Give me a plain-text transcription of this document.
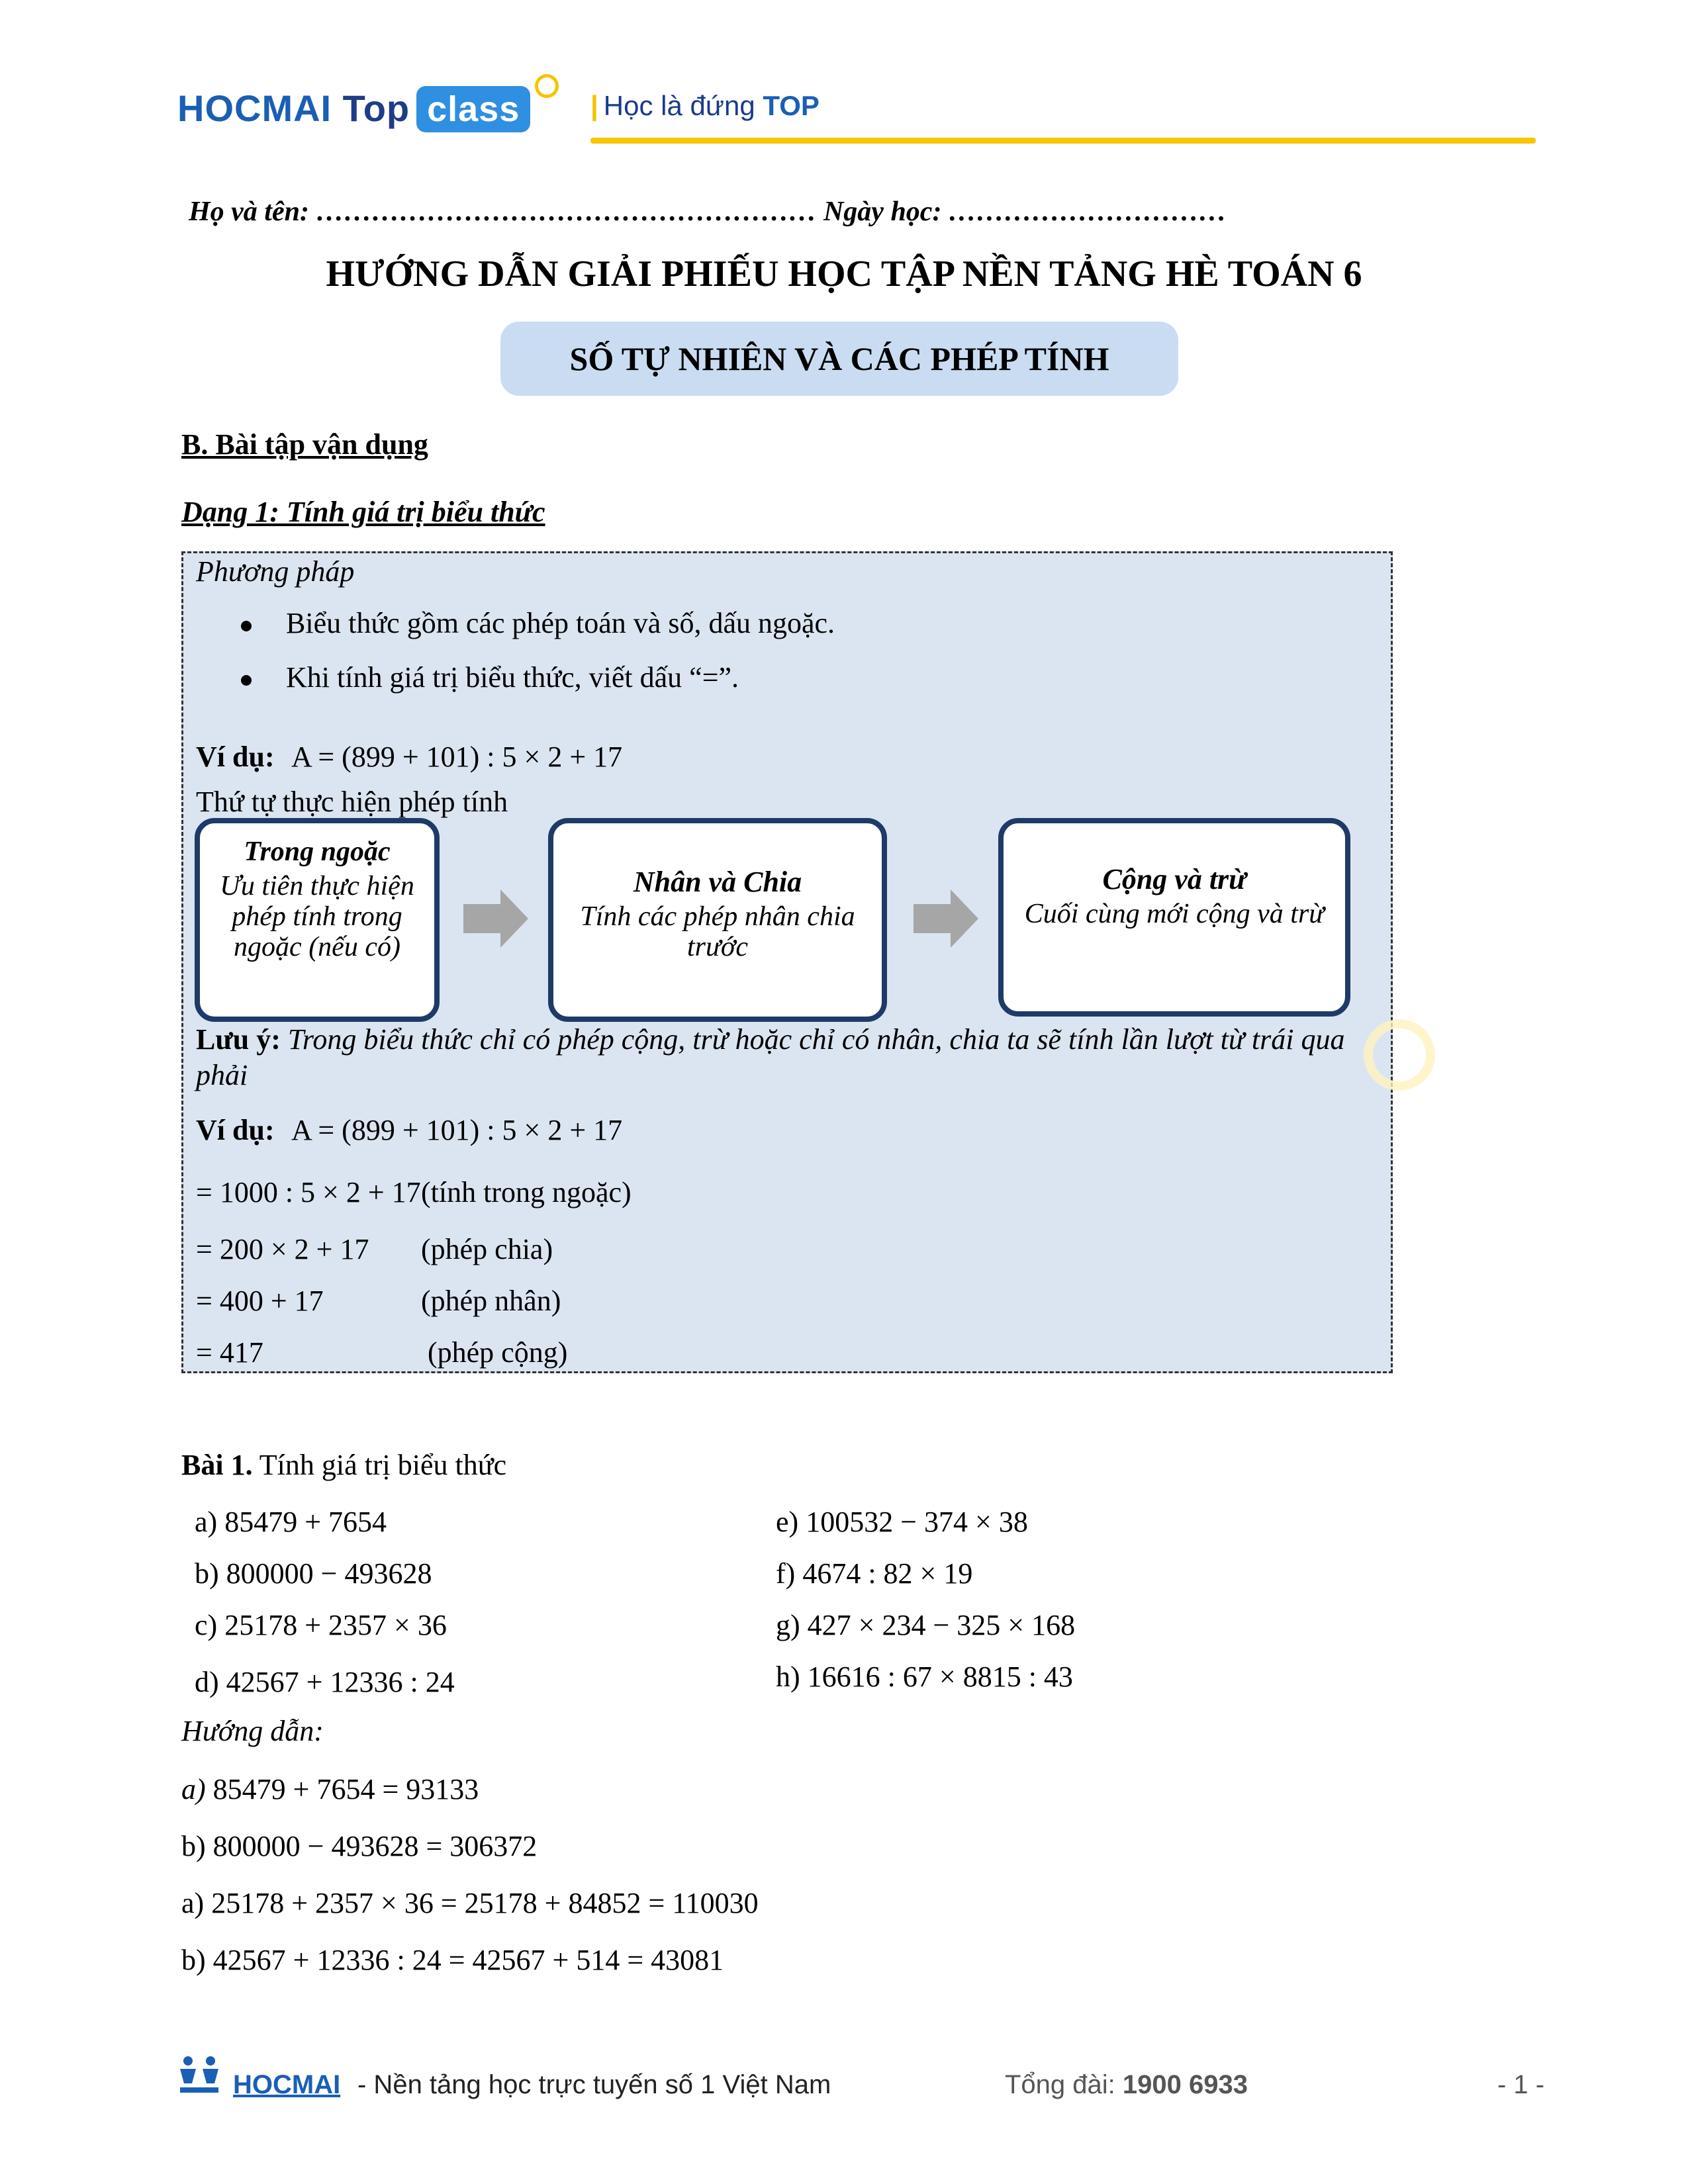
HOCMAI Top class	| Học là đứng TOP
Họ và tên: ……………………………………………… Ngày học: …………………………
HƯỚNG DẪN GIẢI PHIẾU HỌC TẬP NỀN TẢNG HÈ TOÁN 6
SỐ TỰ NHIÊN VÀ CÁC PHÉP TÍNH
B. Bài tập vận dụng
Dạng 1: Tính giá trị biểu thức
Phương pháp
Biểu thức gồm các phép toán và số, dấu ngoặc.
Khi tính giá trị biểu thức, viết dấu “=”.
Ví dụ: A = (899 + 101) : 5 × 2 + 17
Thứ tự thực hiện phép tính
Trong ngoặc
Ưu tiên thực hiện phép tính trong ngoặc (nếu có)
Nhân và Chia
Tính các phép nhân chia trước
Cộng và trừ
Cuối cùng mới cộng và trừ
Lưu ý: Trong biểu thức chỉ có phép cộng, trừ hoặc chỉ có nhân, chia ta sẽ tính lần lượt từ trái qua phải
Ví dụ: A = (899 + 101) : 5 × 2 + 17
= 1000 : 5 × 2 + 17 (tính trong ngoặc)
= 200 × 2 + 17 (phép chia)
= 400 + 17	(phép nhân)
= 417	(phép cộng)
Bài 1. Tính giá trị biểu thức
a) 85479 + 7654
b) 800000 − 493628
c) 25178 + 2357 × 36
d) 42567 + 12336 : 24
e) 100532 − 374 × 38
f) 4674 : 82 × 19
g) 427 × 234 − 325 × 168
h) 16616 : 67 × 8815 : 43
Hướng dẫn:
a) 85479 + 7654 = 93133
b) 800000 − 493628 = 306372
a) 25178 + 2357 × 36 = 25178 + 84852 = 110030
b) 42567 + 12336 : 24 = 42567 + 514 = 43081
HOCMAI - Nền tảng học trực tuyến số 1 Việt Nam	Tổng đài: 1900 6933	- 1 -
